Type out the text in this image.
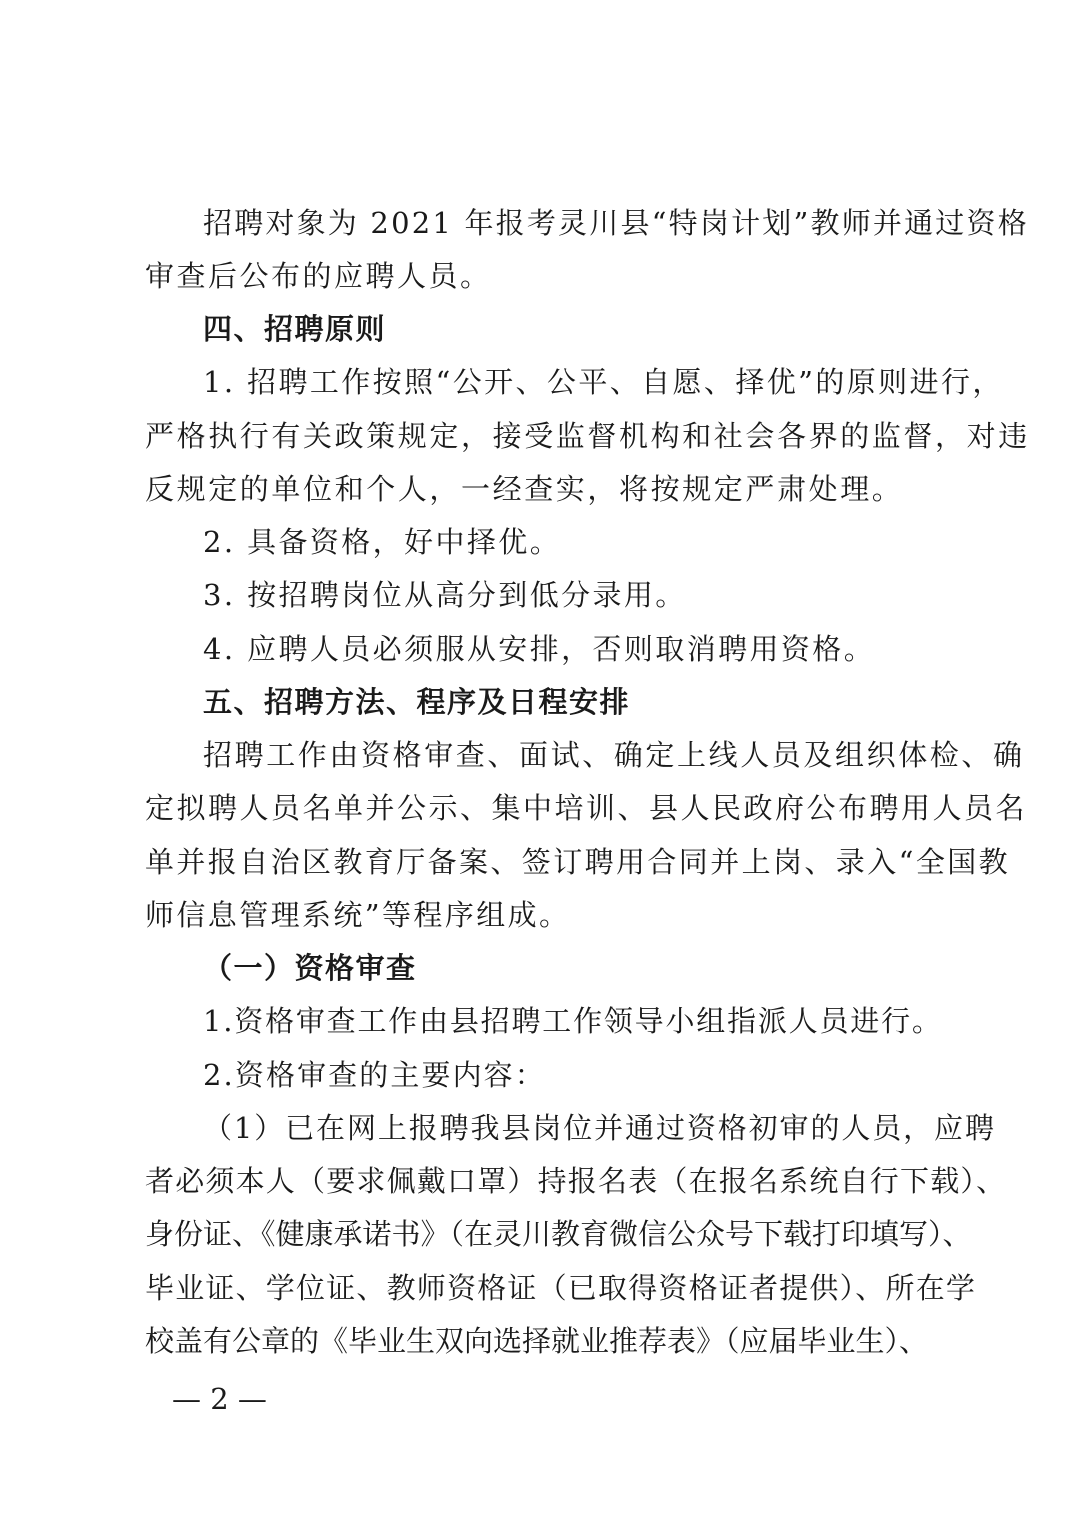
招聘对象为 2021 年报考灵川县“特岗计划”教师并通过资格
审查后公布的应聘人员。
四、招聘原则
1. 招聘工作按照“公开、公平、自愿、择优”的原则进行，
严格执行有关政策规定，接受监督机构和社会各界的监督，对违
反规定的单位和个人，一经查实，将按规定严肃处理。
2. 具备资格，好中择优。
3. 按招聘岗位从高分到低分录用。
4. 应聘人员必须服从安排，否则取消聘用资格。
五、招聘方法、程序及日程安排
招聘工作由资格审查、面试、确定上线人员及组织体检、确
定拟聘人员名单并公示、集中培训、县人民政府公布聘用人员名
单并报自治区教育厅备案、签订聘用合同并上岗、录入“全国教
师信息管理系统”等程序组成。
（一）资格审查
1.资格审查工作由县招聘工作领导小组指派人员进行。
2.资格审查的主要内容：
（1）已在网上报聘我县岗位并通过资格初审的人员，应聘
者必须本人（要求佩戴口罩）持报名表（在报名系统自行下载）、
身份证、《健康承诺书》（在灵川教育微信公众号下载打印填写）、
毕业证、学位证、教师资格证（已取得资格证者提供）、所在学
校盖有公章的《毕业生双向选择就业推荐表》（应届毕业生）、
— 2 —
